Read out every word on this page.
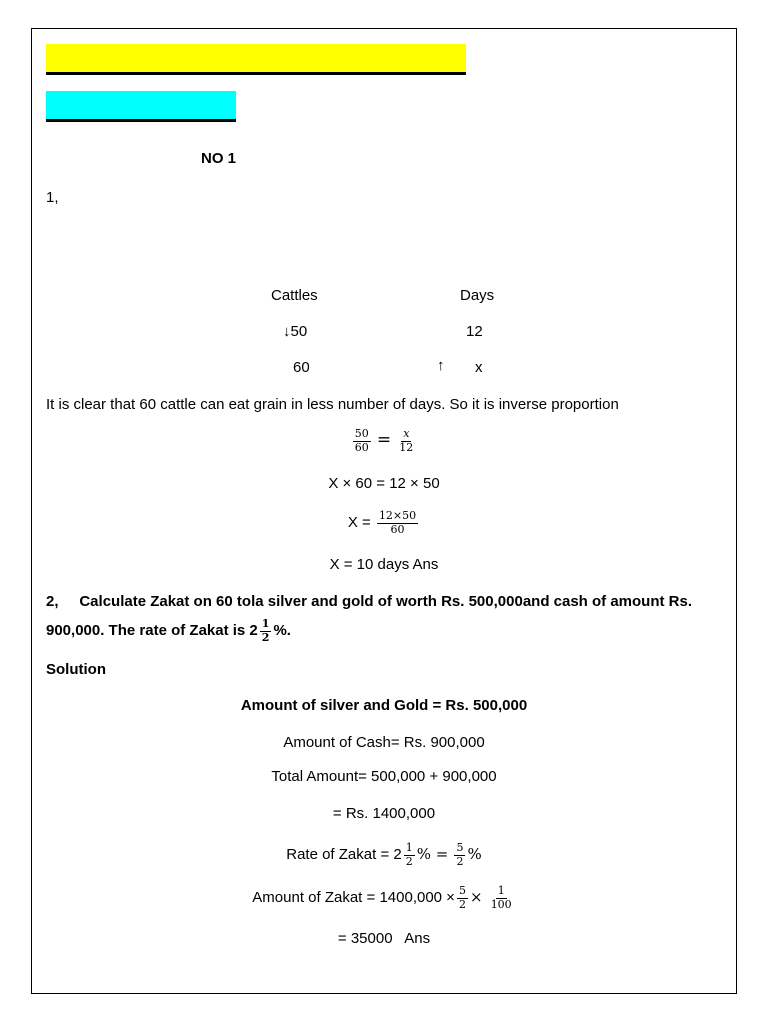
NO 1
1,
Cattles	Days
↓50	12
60	↑ x
It is clear that 60 cattle can eat grain in less number of days. So it is inverse proportion
$\frac{50}{60} = \frac{x}{12}$
X × 60 = 12 × 50
$X = \frac{12\times 50}{60}$
X = 10 days Ans
2,     Calculate Zakat on 60 tola silver and gold of worth Rs. 500,000and cash of amount Rs.
900,000. The rate of Zakat is $2 \frac{1}{2}$ %.
Solution
Amount of silver and Gold = Rs. 500,000
Amount of Cash= Rs. 900,000
Total Amount= 500,000 + 900,000
= Rs. 1400,000
Rate of Zakat = $2 \frac{1}{2}$ % = $\frac{5}{2}$ %
Amount of Zakat = $1400,000 \times \frac{5}{2} \times \frac{1}{100}$
= 35000   Ans
